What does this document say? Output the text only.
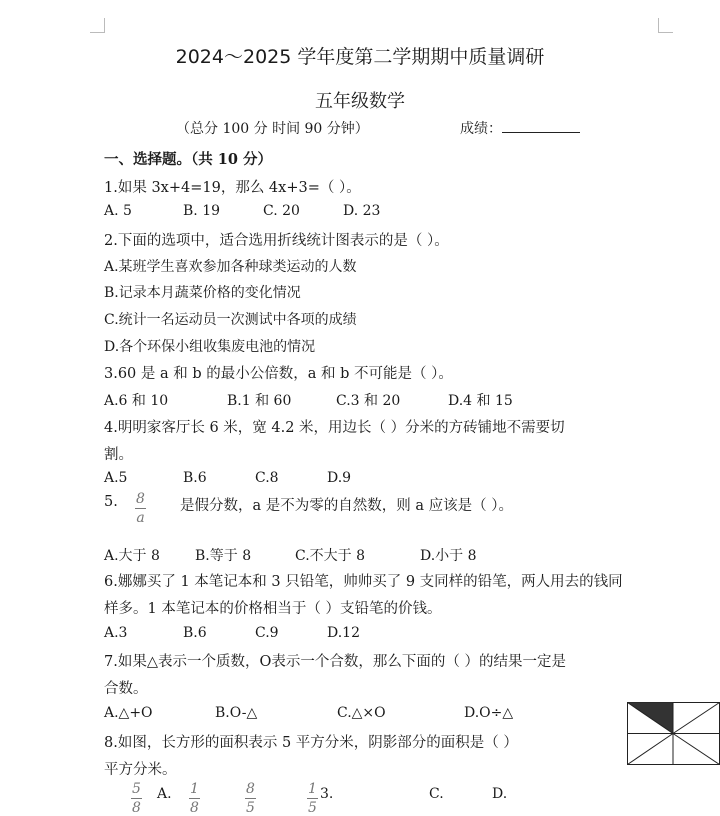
2024～2025 学年度第二学期期中质量调研
五年级数学
（总分 100 分 时间 90 分钟）	成绩：
一、选择题。（共 10 分）
1.如果 3x+4=19，那么 4x+3=（ ）。
A. 5	B. 19	C. 20	D. 23
2.下面的选项中，适合选用折线统计图表示的是（ ）。
A.某班学生喜欢参加各种球类运动的人数
B.记录本月蔬菜价格的变化情况
C.统计一名运动员一次测试中各项的成绩
D.各个环保小组收集废电池的情况
3.60 是 a 和 b 的最小公倍数，a 和 b 不可能是（ ）。
A.6 和 10	B.1 和 60	C.3 和 20	D.4 和 15
4.明明家客厅长 6 米，宽 4.2 米，用边长（ ）分米的方砖铺地不需要切
割。
A.5	B.6	C.8	D.9
5. 8
a
是假分数，a 是不为零的自然数，则 a 应该是（ ）。
A.大于 8	B.等于 8	C.不大于 8	D.小于 8
6.娜娜买了 1 本笔记本和 3 只铅笔，帅帅买了 9 支同样的铅笔，两人用去的钱同
样多。1 本笔记本的价格相当于（ ）支铅笔的价钱。
A.3	B.6	C.9	D.12
7.如果△表示一个质数，O表示一个合数，那么下面的（ ）的结果一定是
合数。
A.△+O	B.O-△	C.△×O	D.O÷△
8.如图，长方形的面积表示 5 平方分米，阴影部分的面积是（ ）
平方分米。
5
8
A. 1
8
8
5
1
5
3.	C.	D.
